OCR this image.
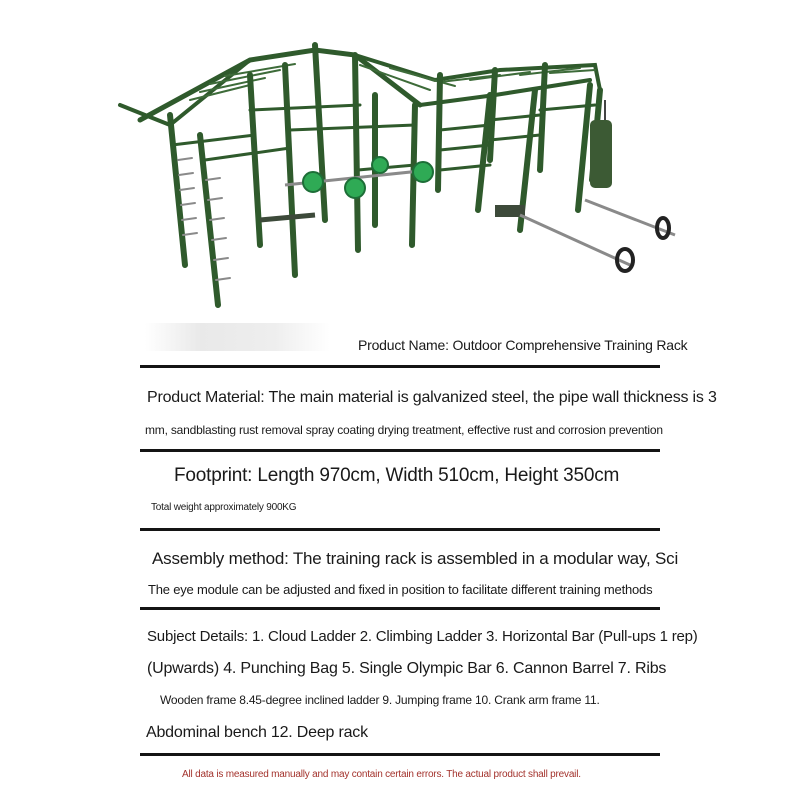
Product Name: Outdoor Comprehensive Training Rack
Product Material: The main material is galvanized steel, the pipe wall thickness is 3
mm, sandblasting rust removal spray coating drying treatment, effective rust and corrosion prevention
Footprint: Length 970cm, Width 510cm, Height 350cm
Total weight approximately 900KG
Assembly method: The training rack is assembled in a modular way, Sci
The eye module can be adjusted and fixed in position to facilitate different training methods
Subject Details: 1. Cloud Ladder 2. Climbing Ladder 3. Horizontal Bar (Pull-ups 1 rep)
(Upwards) 4. Punching Bag 5. Single Olympic Bar 6. Cannon Barrel 7. Ribs
Wooden frame 8.45-degree inclined ladder 9. Jumping frame 10. Crank arm frame 11.
Abdominal bench 12. Deep rack
All data is measured manually and may contain certain errors. The actual product shall prevail.
